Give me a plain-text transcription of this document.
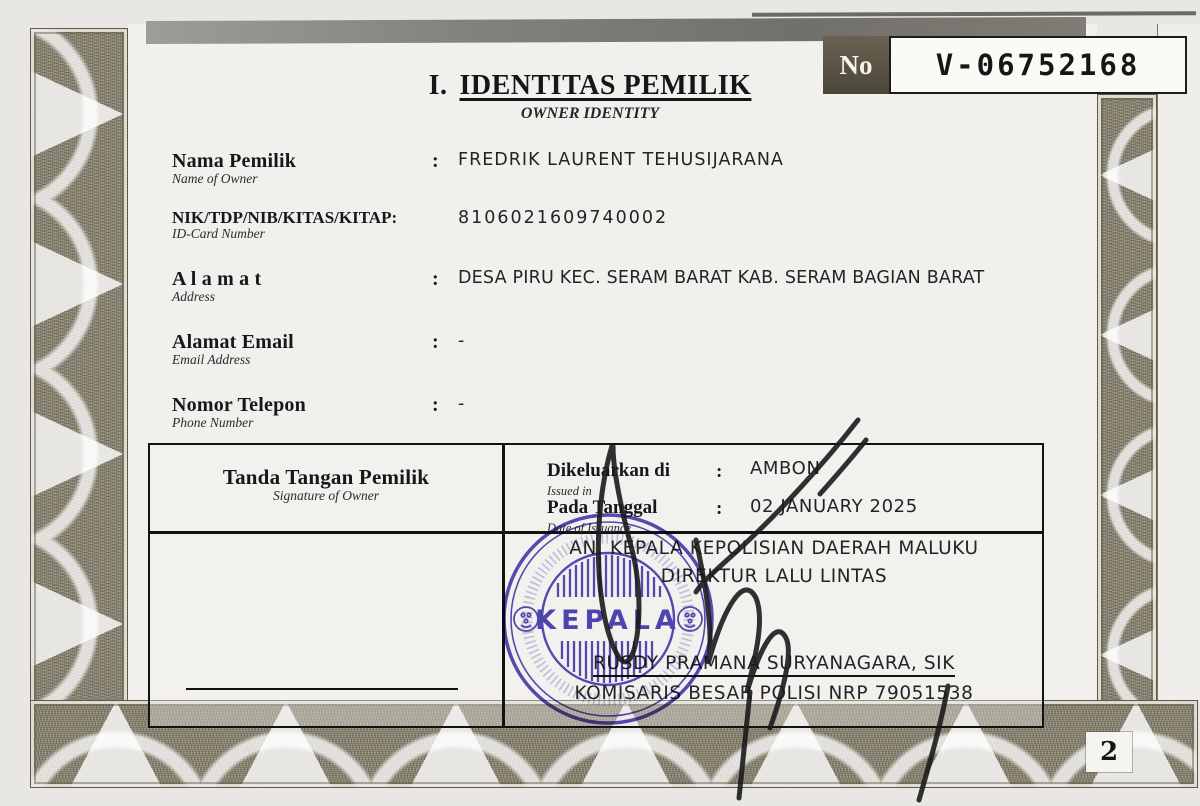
No	V-06752168
I. IDENTITAS PEMILIK
OWNER IDENTITY
Nama Pemilik
Name of Owner
: FREDRIK LAURENT TEHUSIJARANA
NIK/TDP/NIB/KITAS/KITAP:
ID-Card Number
8106021609740002
A l a m a t
Address
: DESA PIRU KEC. SERAM BARAT KAB. SERAM BAGIAN BARAT
Alamat Email
Email Address
: -
Nomor Telepon
Phone Number
: -
Tanda Tangan Pemilik
Signature of Owner
Dikeluarkan di
Issued in
: AMBON
Pada Tanggal
Date of Issuance
: 02 JANUARY 2025
AN. KEPALA KEPOLISIAN DAERAH MALUKU
DIREKTUR LALU LINTAS
RUSDY PRAMANA SURYANAGARA, SIK
KOMISARIS BESAR POLISI NRP 79051538
KEPALA
2
